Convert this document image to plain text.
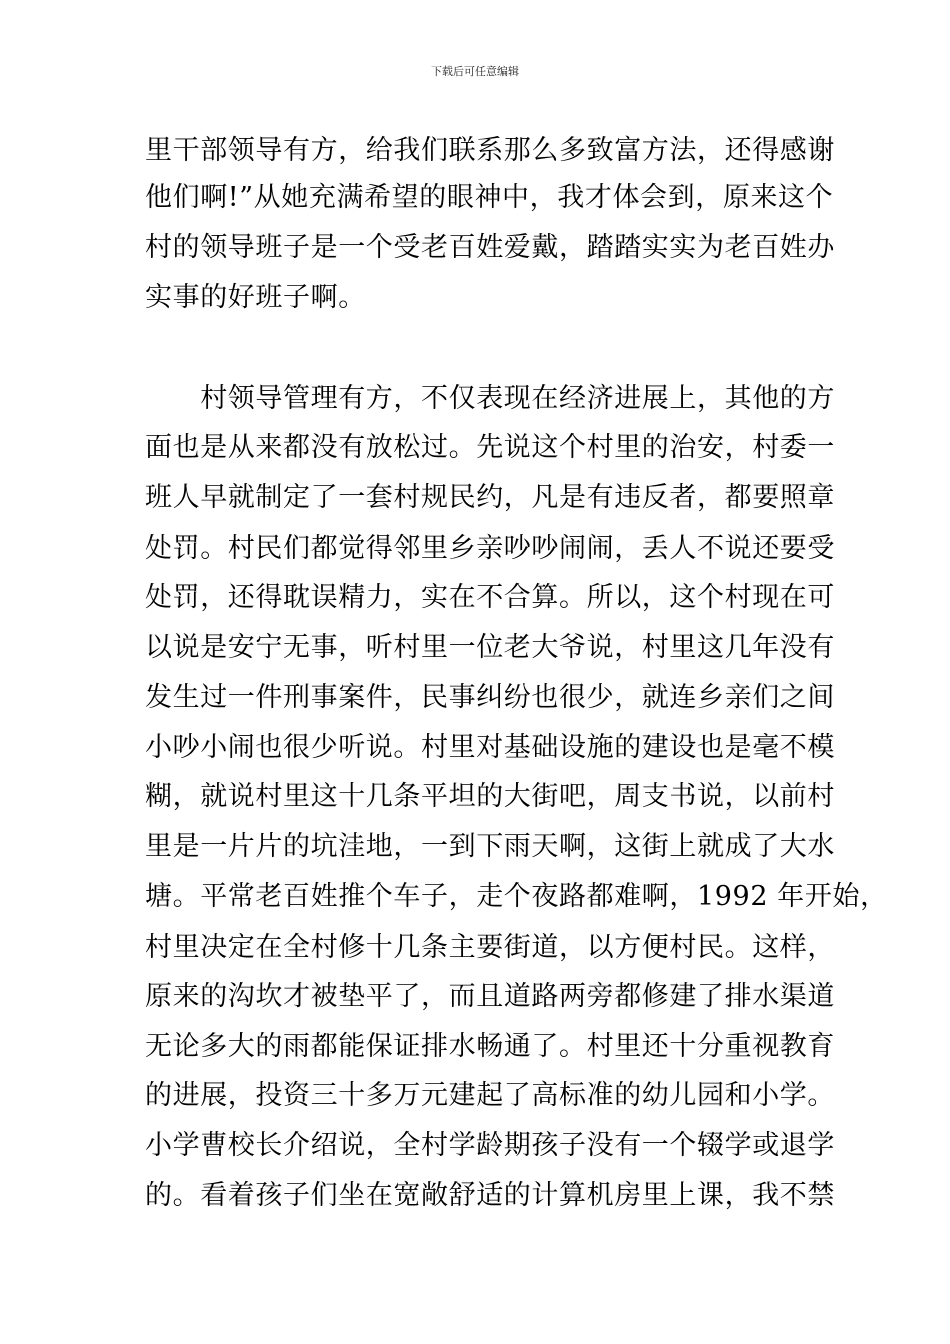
下载后可任意编辑
里干部领导有方，给我们联系那么多致富方法，还得感谢
他们啊!”从她充满希望的眼神中，我才体会到，原来这个
村的领导班子是一个受老百姓爱戴，踏踏实实为老百姓办
实事的好班子啊。
　　村领导管理有方，不仅表现在经济进展上，其他的方
面也是从来都没有放松过。先说这个村里的治安，村委一
班人早就制定了一套村规民约，凡是有违反者，都要照章
处罚。村民们都觉得邻里乡亲吵吵闹闹，丢人不说还要受
处罚，还得耽误精力，实在不合算。所以，这个村现在可
以说是安宁无事，听村里一位老大爷说，村里这几年没有
发生过一件刑事案件，民事纠纷也很少，就连乡亲们之间
小吵小闹也很少听说。村里对基础设施的建设也是毫不模
糊，就说村里这十几条平坦的大街吧，周支书说，以前村
里是一片片的坑洼地，一到下雨天啊，这街上就成了大水
塘。平常老百姓推个车子，走个夜路都难啊，1992 年开始，
村里决定在全村修十几条主要街道，以方便村民。这样，
原来的沟坎才被垫平了，而且道路两旁都修建了排水渠道
无论多大的雨都能保证排水畅通了。村里还十分重视教育
的进展，投资三十多万元建起了高标准的幼儿园和小学。
小学曹校长介绍说，全村学龄期孩子没有一个辍学或退学
的。看着孩子们坐在宽敞舒适的计算机房里上课，我不禁
